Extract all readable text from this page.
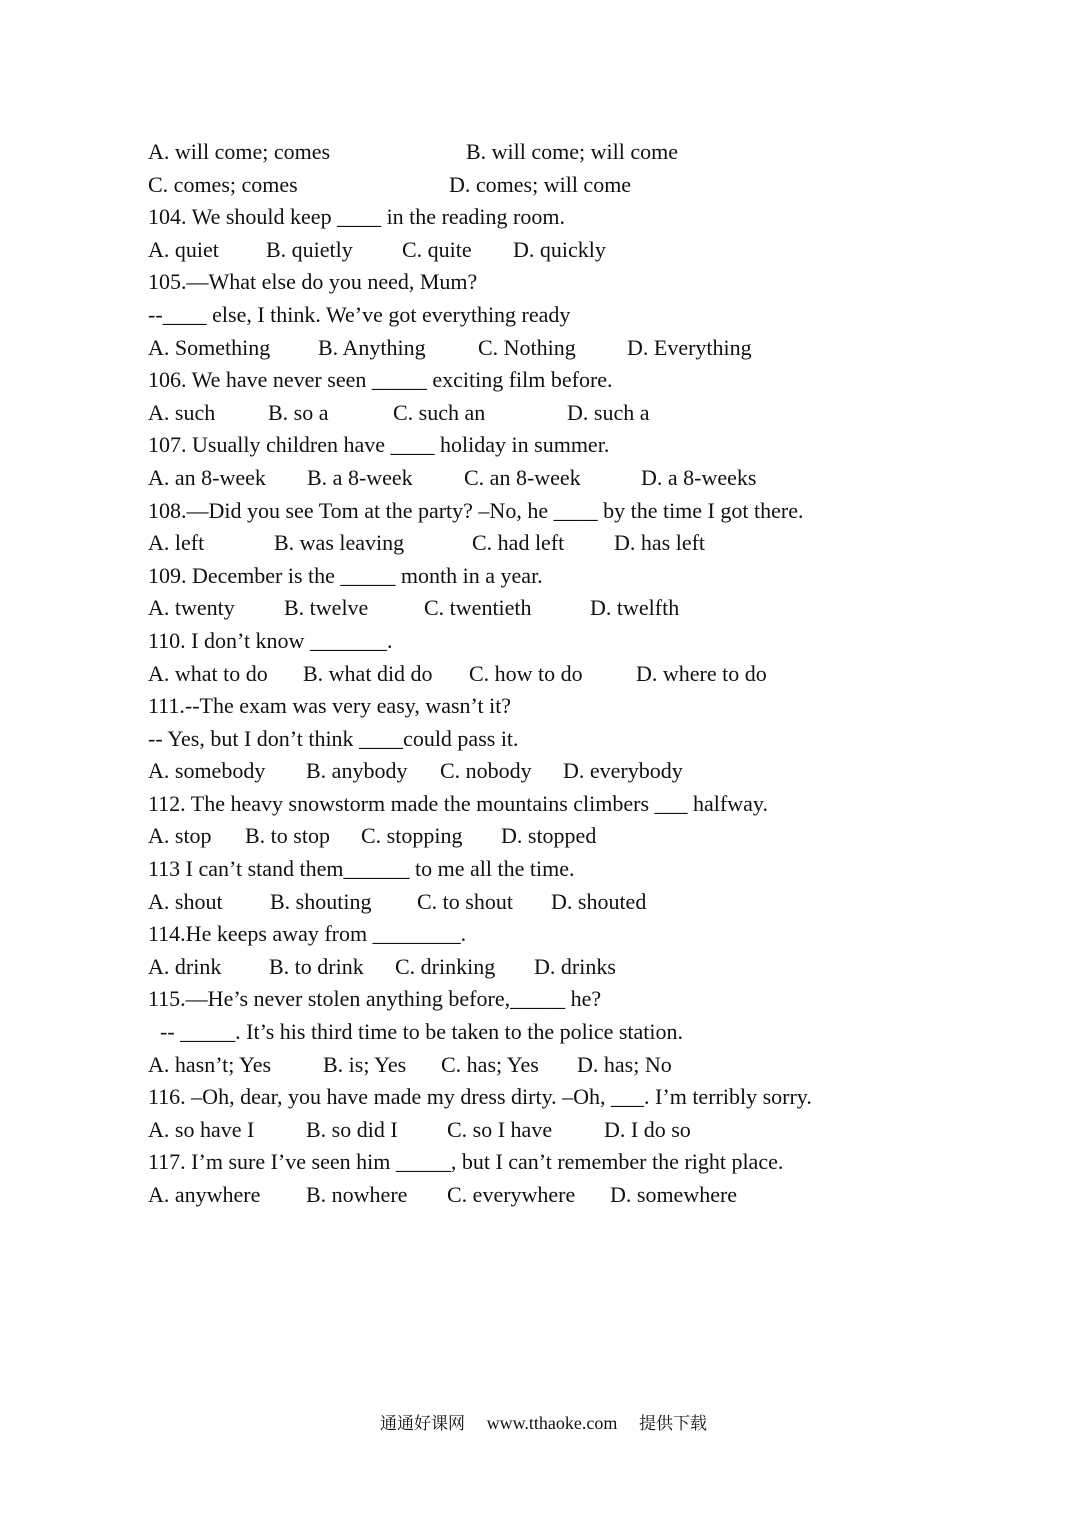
A. will come; comes	B. will come; will come
C. comes; comes	D. comes; will come
104. We should keep ____ in the reading room.
A. quiet	B. quietly	C. quite	D. quickly
105.—What else do you need, Mum?
--____ else, I think. We’ve got everything ready
A. Something	B. Anything	C. Nothing	D. Everything
106. We have never seen _____ exciting film before.
A. such	B. so a	C. such an	D. such a
107. Usually children have ____ holiday in summer.
A. an 8-week	B. a 8-week	C. an 8-week	D. a 8-weeks
108.—Did you see Tom at the party? –No, he ____ by the time I got there.
A. left	B. was leaving	C. had left	D. has left
109. December is the _____ month in a year.
A. twenty	B. twelve	C. twentieth	D. twelfth
110. I don’t know _______.
A. what to do	B. what did do	C. how to do	D. where to do
111.--The exam was very easy, wasn’t it?
-- Yes, but I don’t think ____could pass it.
A. somebody	B. anybody	C. nobody	D. everybody
112. The heavy snowstorm made the mountains climbers ___ halfway.
A. stop	B. to stop	C. stopping	D. stopped
113 I can’t stand them______ to me all the time.
A. shout	B. shouting	C. to shout	D. shouted
114.He keeps away from ________.
A. drink	B. to drink	C. drinking	D. drinks
115.—He’s never stolen anything before,_____ he?
-- _____. It’s his third time to be taken to the police station.
A. hasn’t; Yes	B. is; Yes	C. has; Yes	D. has; No
116. –Oh, dear, you have made my dress dirty. –Oh, ___. I’m terribly sorry.
A. so have I	B. so did I	C. so I have	D. I do so
117. I’m sure I’ve seen him _____, but I can’t remember the right place.
A. anywhere	B. nowhere	C. everywhere	D. somewhere
通通好课网 www.tthaoke.com 提供下载
